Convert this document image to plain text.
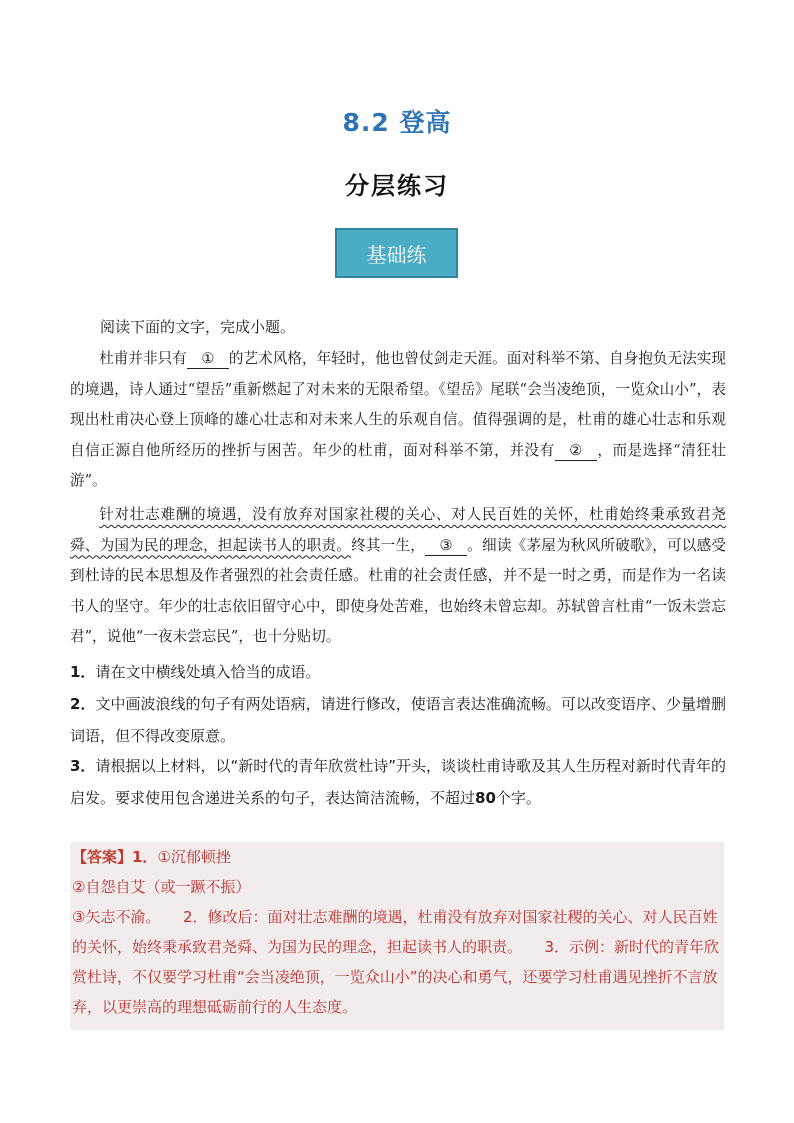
8.2 登高
分层练习
基础练
阅读下面的文字，完成小题。

杜甫并非只有 ① 的艺术风格，年轻时，他也曾仗剑走天涯。面对科举不第、自身抱负无法实现的境遇，诗人通过“望岳”重新燃起了对未来的无限希望。《望岳》尾联“会当凌绝顶，一览众山小”，表现出杜甫决心登上顶峰的雄心壮志和对未来人生的乐观自信。值得强调的是，杜甫的雄心壮志和乐观自信正源自他所经历的挫折与困苦。年少的杜甫，面对科举不第，并没有 ② ，而是选择“清狂壮游”。

针对壮志难酬的境遇，没有放弃对国家社稷的关心、对人民百姓的关怀，杜甫始终秉承致君尧舜、为国为民的理念，担起读书人的职责。终其一生， ③ 。细读《茅屋为秋风所破歌》，可以感受到杜诗的民本思想及作者强烈的社会责任感。杜甫的社会责任感，并不是一时之勇，而是作为一名读书人的坚守。年少的壮志依旧留守心中，即使身处苦难，也始终未曾忘却。苏轼曾言杜甫“一饭未尝忘君”，说他“一夜未尝忘民”，也十分贴切。

1．请在文中横线处填入恰当的成语。

2．文中画波浪线的句子有两处语病，请进行修改，使语言表达准确流畅。可以改变语序、少量增删词语，但不得改变原意。

3．请根据以上材料，以“新时代的青年欣赏杜诗”开头，谈谈杜甫诗歌及其人生历程对新时代青年的启发。要求使用包含递进关系的句子，表达简洁流畅，不超过80个字。

【答案】1．①沉郁顿挫

②自怨自艾（或一蹶不振）

③矢志不渝。　　2．修改后：面对壮志难酬的境遇，杜甫没有放弃对国家社稷的关心、对人民百姓的关怀，始终秉承致君尧舜、为国为民的理念，担起读书人的职责。　　3．示例：新时代的青年欣赏杜诗，不仅要学习杜甫“会当凌绝顶，一览众山小”的决心和勇气，还要学习杜甫遇见挫折不言放弃，以更崇高的理想砥砺前行的人生态度。
